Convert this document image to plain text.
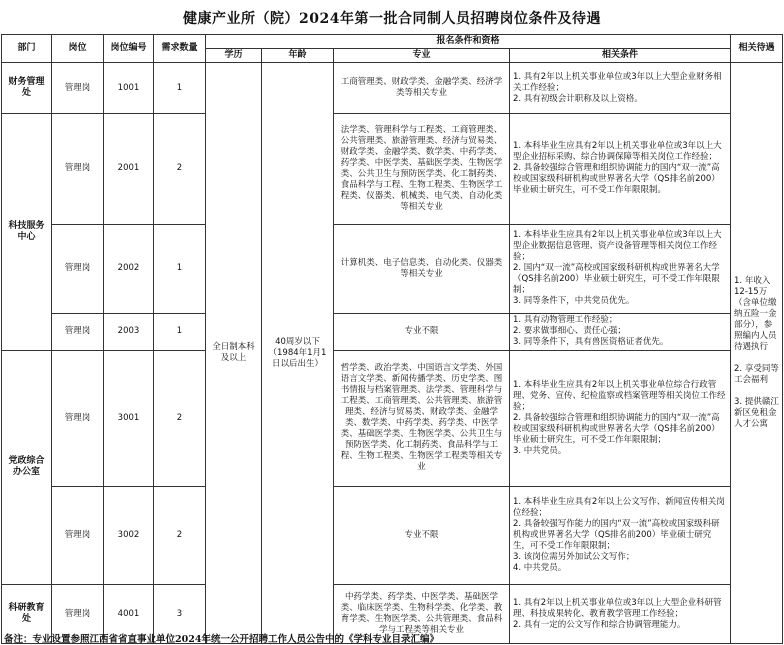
健康产业所（院）2024年第一批合同制人员招聘岗位条件及待遇
部门	岗位	岗位编号	需求数量	报名条件和资格				相关待遇
				学历	年龄	专业	相关条件	
财务管理处	管理岗	1001	1	全日制本科及以上	40周岁以下（1984年1月1日以后出生）	工商管理类、财政学类、金融学类、经济学类等相关专业	1. 具有2年以上机关事业单位或3年以上大型企业财务相关工作经验；
2. 具有初级会计职称及以上资格。	1. 年收入12-15万（含单位缴纳五险一金部分），参照编内人员待遇执行

2. 享受同等工会福利

3. 提供赣江新区免租金人才公寓
科技服务中心	管理岗	2001	2			法学类、管理科学与工程类、工商管理类、公共管理类、旅游管理类、经济与贸易类、财政学类、金融学类、数学类、中药学类、药学类、中医学类、基础医学类、生物医学类、公共卫生与预防医学类、化工制药类、食品科学与工程、生物工程类、生物医学工程类、仪器类、机械类、电气类、自动化类等相关专业	1. 本科毕业生应具有2年以上机关事业单位或3年以上大型企业招标采购、综合协调保障等相关岗位工作经验；
2. 具备较强综合管理和组织协调能力的国内“双一流”高校或国家级科研机构或世界著名大学（QS排名前200）毕业硕士研究生，可不受工作年限限制。	
	管理岗	2002	1			计算机类、电子信息类、自动化类、仪器类等相关专业	1. 本科毕业生应具有2年以上机关事业单位或3年以上大型企业数据信息管理、资产设备管理等相关岗位工作经验；
2. 国内“双一流”高校或国家级科研机构或世界著名大学（QS排名前200）毕业硕士研究生，可不受工作年限限制；
3. 同等条件下，中共党员优先。	
	管理岗	2003	1			专业不限	1. 具有动物管理工作经验；
2. 要求做事细心、责任心强；
3. 同等条件下，具有兽医资格证者优先。	
党政综合办公室	管理岗	3001	2			哲学类、政治学类、中国语言文学类、外国语言文学类、新闻传播学类、历史学类、图书情报与档案管理类、法学类、管理科学与工程类、工商管理类、公共管理类、旅游管理类、经济与贸易类、财政学类、金融学类、数学类、中药学类、药学类、中医学类、基础医学类、生物医学类、公共卫生与预防医学类、化工制药类、食品科学与工程、生物工程类、生物医学工程类等相关专业	1. 本科毕业生应具有2年以上机关事业单位综合行政管理、党务、宣传、纪检监察或档案管理等相关岗位工作经验；
2. 具备较强综合管理和组织协调能力的国内“双一流”高校或国家级科研机构或世界著名大学（QS排名前200）毕业硕士研究生，可不受工作年限限制；
3. 中共党员。	
	管理岗	3002	2			专业不限	1. 本科毕业生应具有2年以上公文写作、新闻宣传相关岗位经验；
2. 具备较强写作能力的国内“双一流”高校或国家级科研机构或世界著名大学（QS排名前200）毕业硕士研究生，可不受工作年限限制；
3. 该岗位需另外加试公文写作；
4. 中共党员。	
科研教育处	管理岗	4001	3			中药学类、药学类、中医学类、基础医学类、临床医学类、生物科学类、化学类、教育学类、生物医学类、公共管理类、食品科学与工程类等相关专业	1. 具有2年以上机关事业单位或3年以上大型企业科研管理、科技成果转化、教育教学管理工作经验；
2. 具有一定的公文写作和综合协调管理能力。	
备注：专业设置参照江西省省直事业单位2024年统一公开招聘工作人员公告中的《学科专业目录汇编》
